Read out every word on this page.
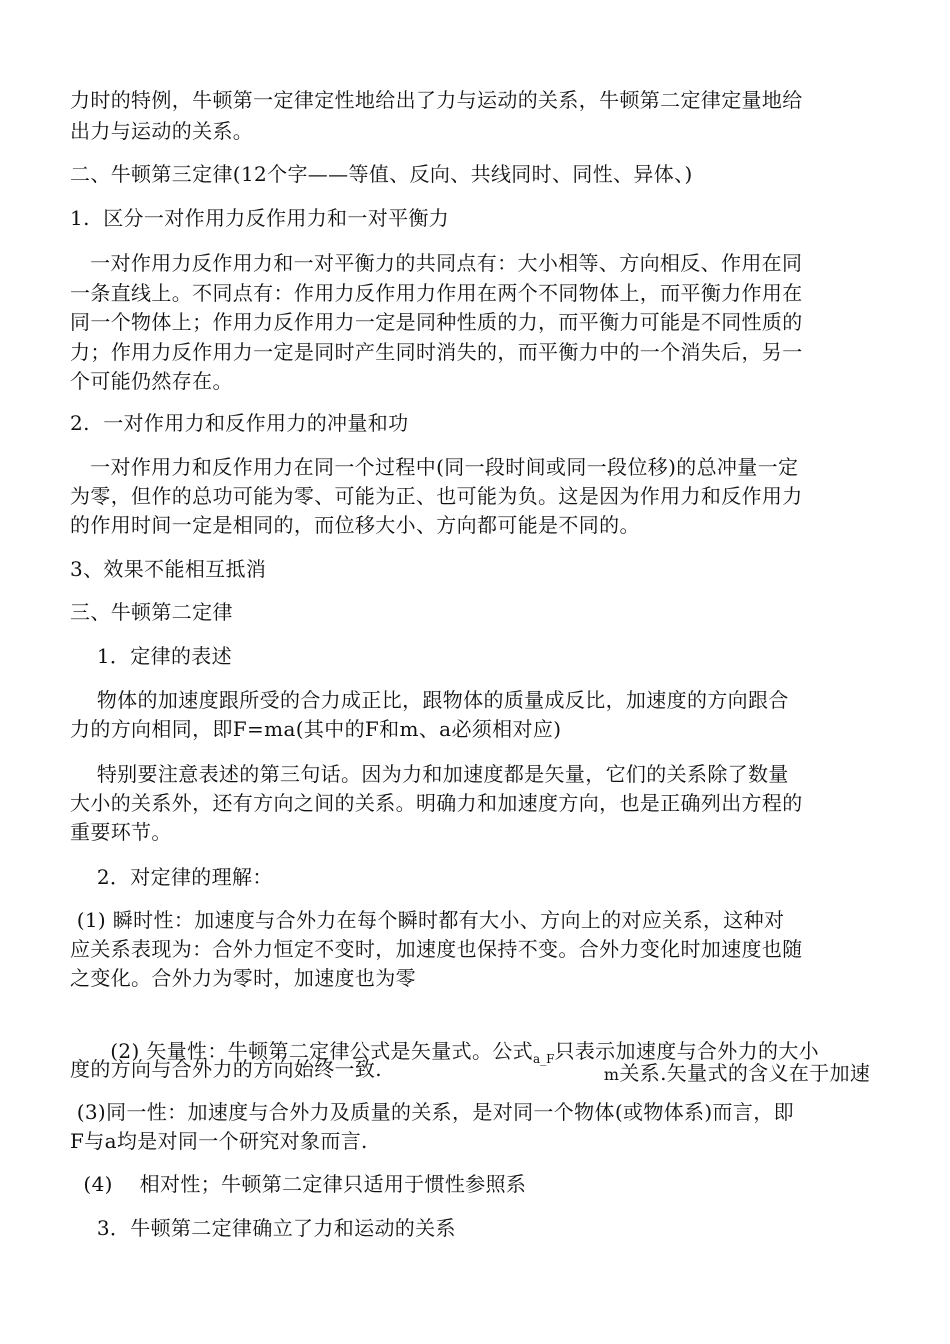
力时的特例，牛顿第一定律定性地给出了力与运动的关系，牛顿第二定律定量地给
出力与运动的关系。
二、牛顿第三定律(12个字——等值、反向、共线同时、同性、异体、)
1.  区分一对作用力反作用力和一对平衡力
一对作用力反作用力和一对平衡力的共同点有：大小相等、方向相反、作用在同
一条直线上。不同点有：作用力反作用力作用在两个不同物体上，而平衡力作用在
同一个物体上；作用力反作用力一定是同种性质的力，而平衡力可能是不同性质的
力；作用力反作用力一定是同时产生同时消失的，而平衡力中的一个消失后，另一
个可能仍然存在。
2.  一对作用力和反作用力的冲量和功
一对作用力和反作用力在同一个过程中(同一段时间或同一段位移)的总冲量一定
为零，但作的总功可能为零、可能为正、也可能为负。这是因为作用力和反作用力
的作用时间一定是相同的，而位移大小、方向都可能是不同的。
3、效果不能相互抵消
三、牛顿第二定律
1．定律的表述
物体的加速度跟所受的合力成正比，跟物体的质量成反比，加速度的方向跟合
力的方向相同，即F=ma(其中的F和m、a必须相对应)
特别要注意表述的第三句话。因为力和加速度都是矢量，它们的关系除了数量
大小的关系外，还有方向之间的关系。明确力和加速度方向，也是正确列出方程的
重要环节。
2．对定律的理解：
(1) 瞬时性：加速度与合外力在每个瞬时都有大小、方向上的对应关系，这种对
应关系表现为：合外力恒定不变时，加速度也保持不变。合外力变化时加速度也随
之变化。合外力为零时，加速度也为零

(2) 矢量性：牛顿第二定律公式是矢量式。公式$_{a\_F}$只表示加速度与合外力的大小

m关系.矢量式的含义在于加速

度的方向与合外力的方向始终一致.
(3)同一性：加速度与合外力及质量的关系，是对同一个物体(或物体系)而言，即
F与a均是对同一个研究对象而言.
(4)    相对性；牛顿第二定律只适用于惯性参照系
3．牛顿第二定律确立了力和运动的关系
